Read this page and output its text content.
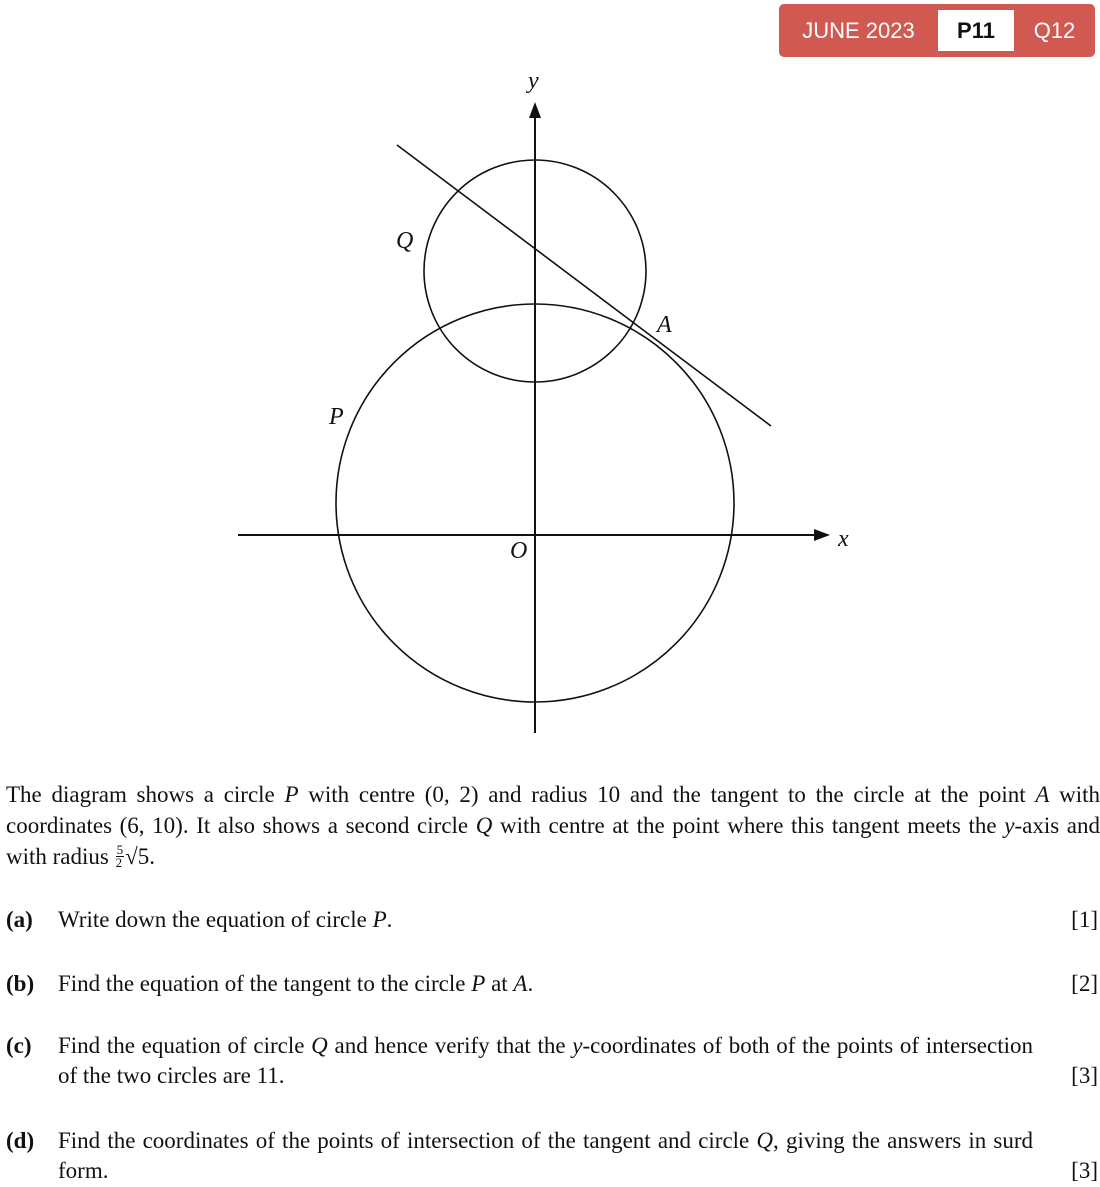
JUNE 2023	P11	Q12
y
x
O
P
Q
A
The diagram shows a circle P with centre (0, 2) and radius 10 and the tangent to the circle at the point A with coordinates (6, 10). It also shows a second circle Q with centre at the point where this tangent meets the y-axis and with radius $\frac{5}{2} √5$.
(a) Write down the equation of circle P.	[1]
(b) Find the equation of the tangent to the circle P at A.	[2]
(c) Find the equation of circle Q and hence verify that the y-coordinates of both of the points of intersection of the two circles are 11.	[3]
(d) Find the coordinates of the points of intersection of the tangent and circle Q, giving the answers in surd form.	[3]
